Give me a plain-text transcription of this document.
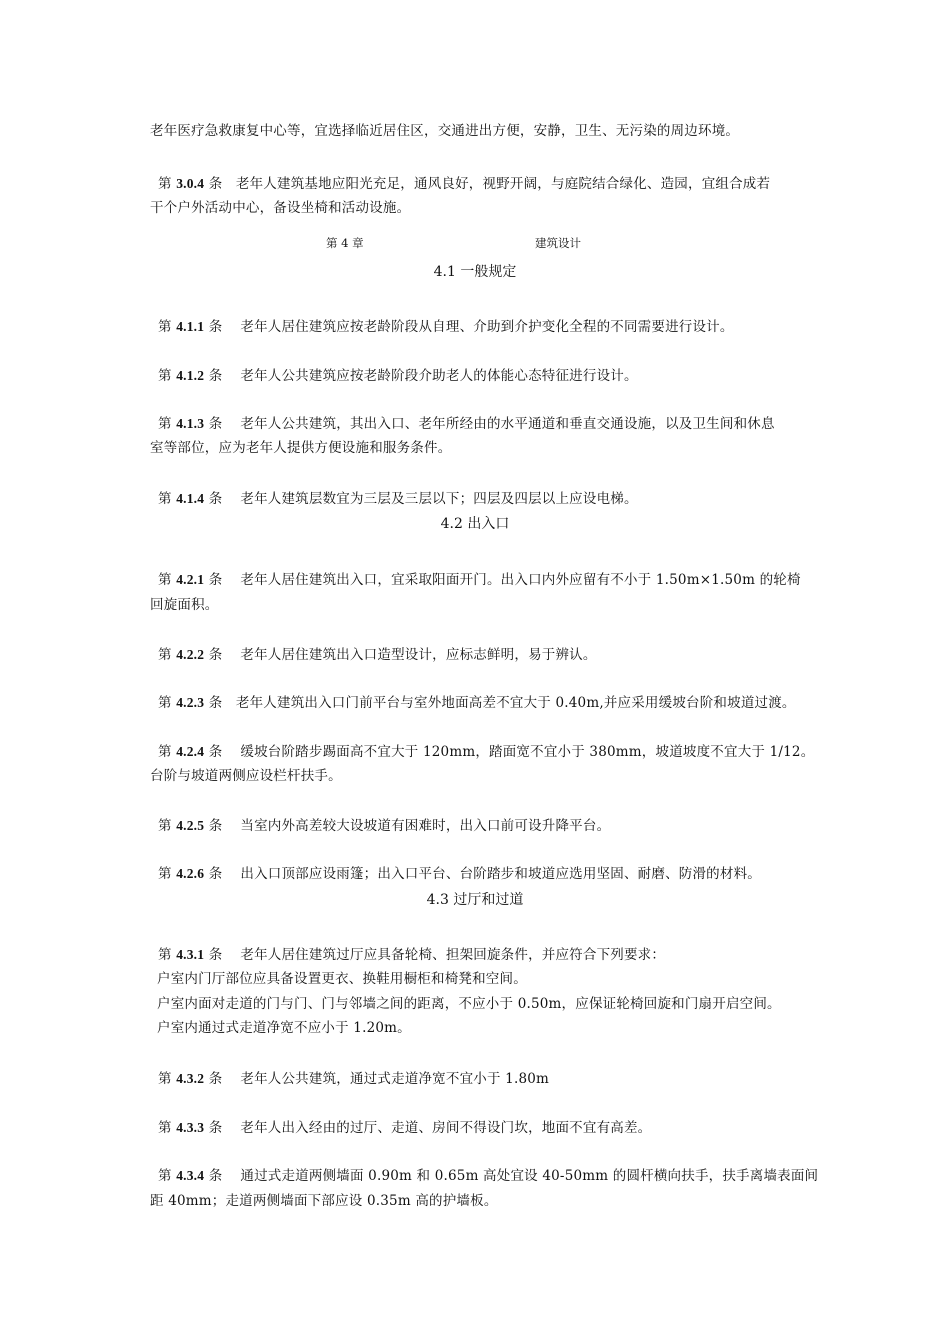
老年医疗急救康复中心等，宜选择临近居住区，交通进出方便，安静，卫生、无污染的周边环境。
第 3.0.4 条 老年人建筑基地应阳光充足，通风良好，视野开阔，与庭院结合绿化、造园，宜组合成若
干个户外活动中心，备设坐椅和活动设施。
第 4 章	建筑设计
4.1 一般规定
第 4.1.1 条 老年人居住建筑应按老龄阶段从自理、介助到介护变化全程的不同需要进行设计。
第 4.1.2 条 老年人公共建筑应按老龄阶段介助老人的体能心态特征进行设计。
第 4.1.3 条 老年人公共建筑，其出入口、老年所经由的水平通道和垂直交通设施，以及卫生间和休息
室等部位，应为老年人提供方便设施和服务条件。
第 4.1.4 条 老年人建筑层数宜为三层及三层以下；四层及四层以上应设电梯。
4.2 出入口
第 4.2.1 条 老年人居住建筑出入口，宜采取阳面开门。出入口内外应留有不小于 1.50m×1.50m 的轮椅
回旋面积。
第 4.2.2 条 老年人居住建筑出入口造型设计，应标志鲜明，易于辨认。
第 4.2.3 条 老年人建筑出入口门前平台与室外地面高差不宜大于 0.40m,并应采用缓坡台阶和坡道过渡。
第 4.2.4 条 缓坡台阶踏步踢面高不宜大于 120mm，踏面宽不宜小于 380mm，坡道坡度不宜大于 1/12。
台阶与坡道两侧应设栏杆扶手。
第 4.2.5 条 当室内外高差较大设坡道有困难时，出入口前可设升降平台。
第 4.2.6 条 出入口顶部应设雨篷；出入口平台、台阶踏步和坡道应选用坚固、耐磨、防滑的材料。
4.3 过厅和过道
第 4.3.1 条 老年人居住建筑过厅应具备轮椅、担架回旋条件，并应符合下列要求：
户室内门厅部位应具备设置更衣、换鞋用橱柜和椅凳和空间。
户室内面对走道的门与门、门与邻墙之间的距离，不应小于 0.50m，应保证轮椅回旋和门扇开启空间。
户室内通过式走道净宽不应小于 1.20m。
第 4.3.2 条 老年人公共建筑，通过式走道净宽不宜小于 1.80m
第 4.3.3 条 老年人出入经由的过厅、走道、房间不得设门坎，地面不宜有高差。
第 4.3.4 条 通过式走道两侧墙面 0.90m 和 0.65m 高处宜设 40-50mm 的圆杆横向扶手，扶手离墙表面间
距 40mm；走道两侧墙面下部应设 0.35m 高的护墙板。
